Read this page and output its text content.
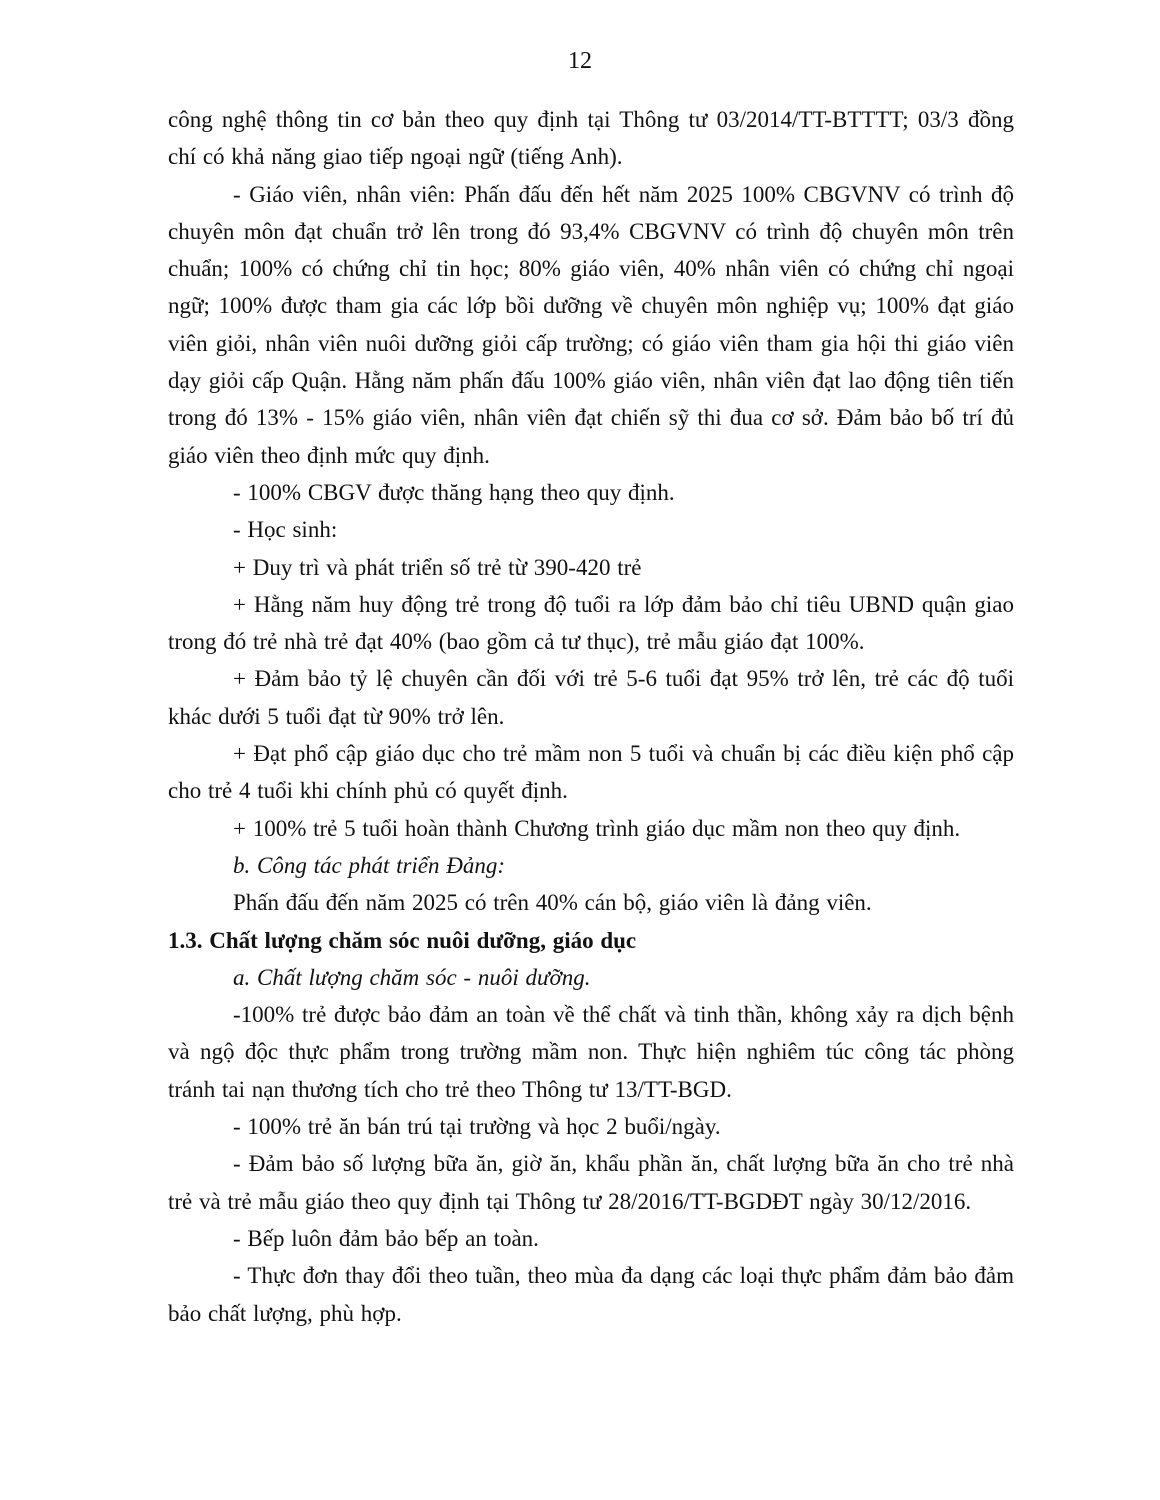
12

công nghệ thông tin cơ bản theo quy định tại Thông tư 03/2014/TT-BTTTT; 03/3 đồng chí có khả năng giao tiếp ngoại ngữ (tiếng Anh).

- Giáo viên, nhân viên: Phấn đấu đến hết năm 2025 100% CBGVNV có trình độ chuyên môn đạt chuẩn trở lên trong đó 93,4% CBGVNV có trình độ chuyên môn trên chuẩn; 100% có chứng chỉ tin học; 80% giáo viên, 40% nhân viên có chứng chỉ ngoại ngữ; 100% được tham gia các lớp bồi dưỡng về chuyên môn nghiệp vụ; 100% đạt giáo viên giỏi, nhân viên nuôi dưỡng giỏi cấp trường; có giáo viên tham gia hội thi giáo viên dạy giỏi cấp Quận. Hằng năm phấn đấu 100% giáo viên, nhân viên đạt lao động tiên tiến trong đó 13% - 15% giáo viên, nhân viên đạt chiến sỹ thi đua cơ sở. Đảm bảo bố trí đủ giáo viên theo định mức quy định.

- 100% CBGV được thăng hạng theo quy định.

- Học sinh:

+ Duy trì và phát triển số trẻ từ 390-420 trẻ

+ Hằng năm huy động trẻ trong độ tuổi ra lớp đảm bảo chỉ tiêu UBND quận giao trong đó trẻ nhà trẻ đạt 40% (bao gồm cả tư thục), trẻ mẫu giáo đạt 100%.

+ Đảm bảo tỷ lệ chuyên cần đối với trẻ 5-6 tuổi đạt 95% trở lên, trẻ các độ tuổi khác dưới 5 tuổi đạt từ 90% trở lên.

+ Đạt phổ cập giáo dục cho trẻ mầm non 5 tuổi và chuẩn bị các điều kiện phổ cập cho trẻ 4 tuổi khi chính phủ có quyết định.

+ 100% trẻ 5 tuổi hoàn thành Chương trình giáo dục mầm non theo quy định.

b. Công tác phát triển Đảng:

Phấn đấu đến năm 2025 có trên 40% cán bộ, giáo viên là đảng viên.

1.3. Chất lượng chăm sóc nuôi dưỡng, giáo dục

a. Chất lượng chăm sóc - nuôi dưỡng.

-100% trẻ được bảo đảm an toàn về thể chất và tinh thần, không xảy ra dịch bệnh và ngộ độc thực phẩm trong trường mầm non. Thực hiện nghiêm túc công tác phòng tránh tai nạn thương tích cho trẻ theo Thông tư 13/TT-BGD.

- 100% trẻ ăn bán trú tại trường và học 2 buổi/ngày.

- Đảm bảo số lượng bữa ăn, giờ ăn, khẩu phần ăn, chất lượng bữa ăn cho trẻ nhà trẻ và trẻ mẫu giáo theo quy định tại Thông tư 28/2016/TT-BGDĐT ngày 30/12/2016.

- Bếp luôn đảm bảo bếp an toàn.

- Thực đơn thay đổi theo tuần, theo mùa đa dạng các loại thực phẩm đảm bảo đảm bảo chất lượng, phù hợp.
